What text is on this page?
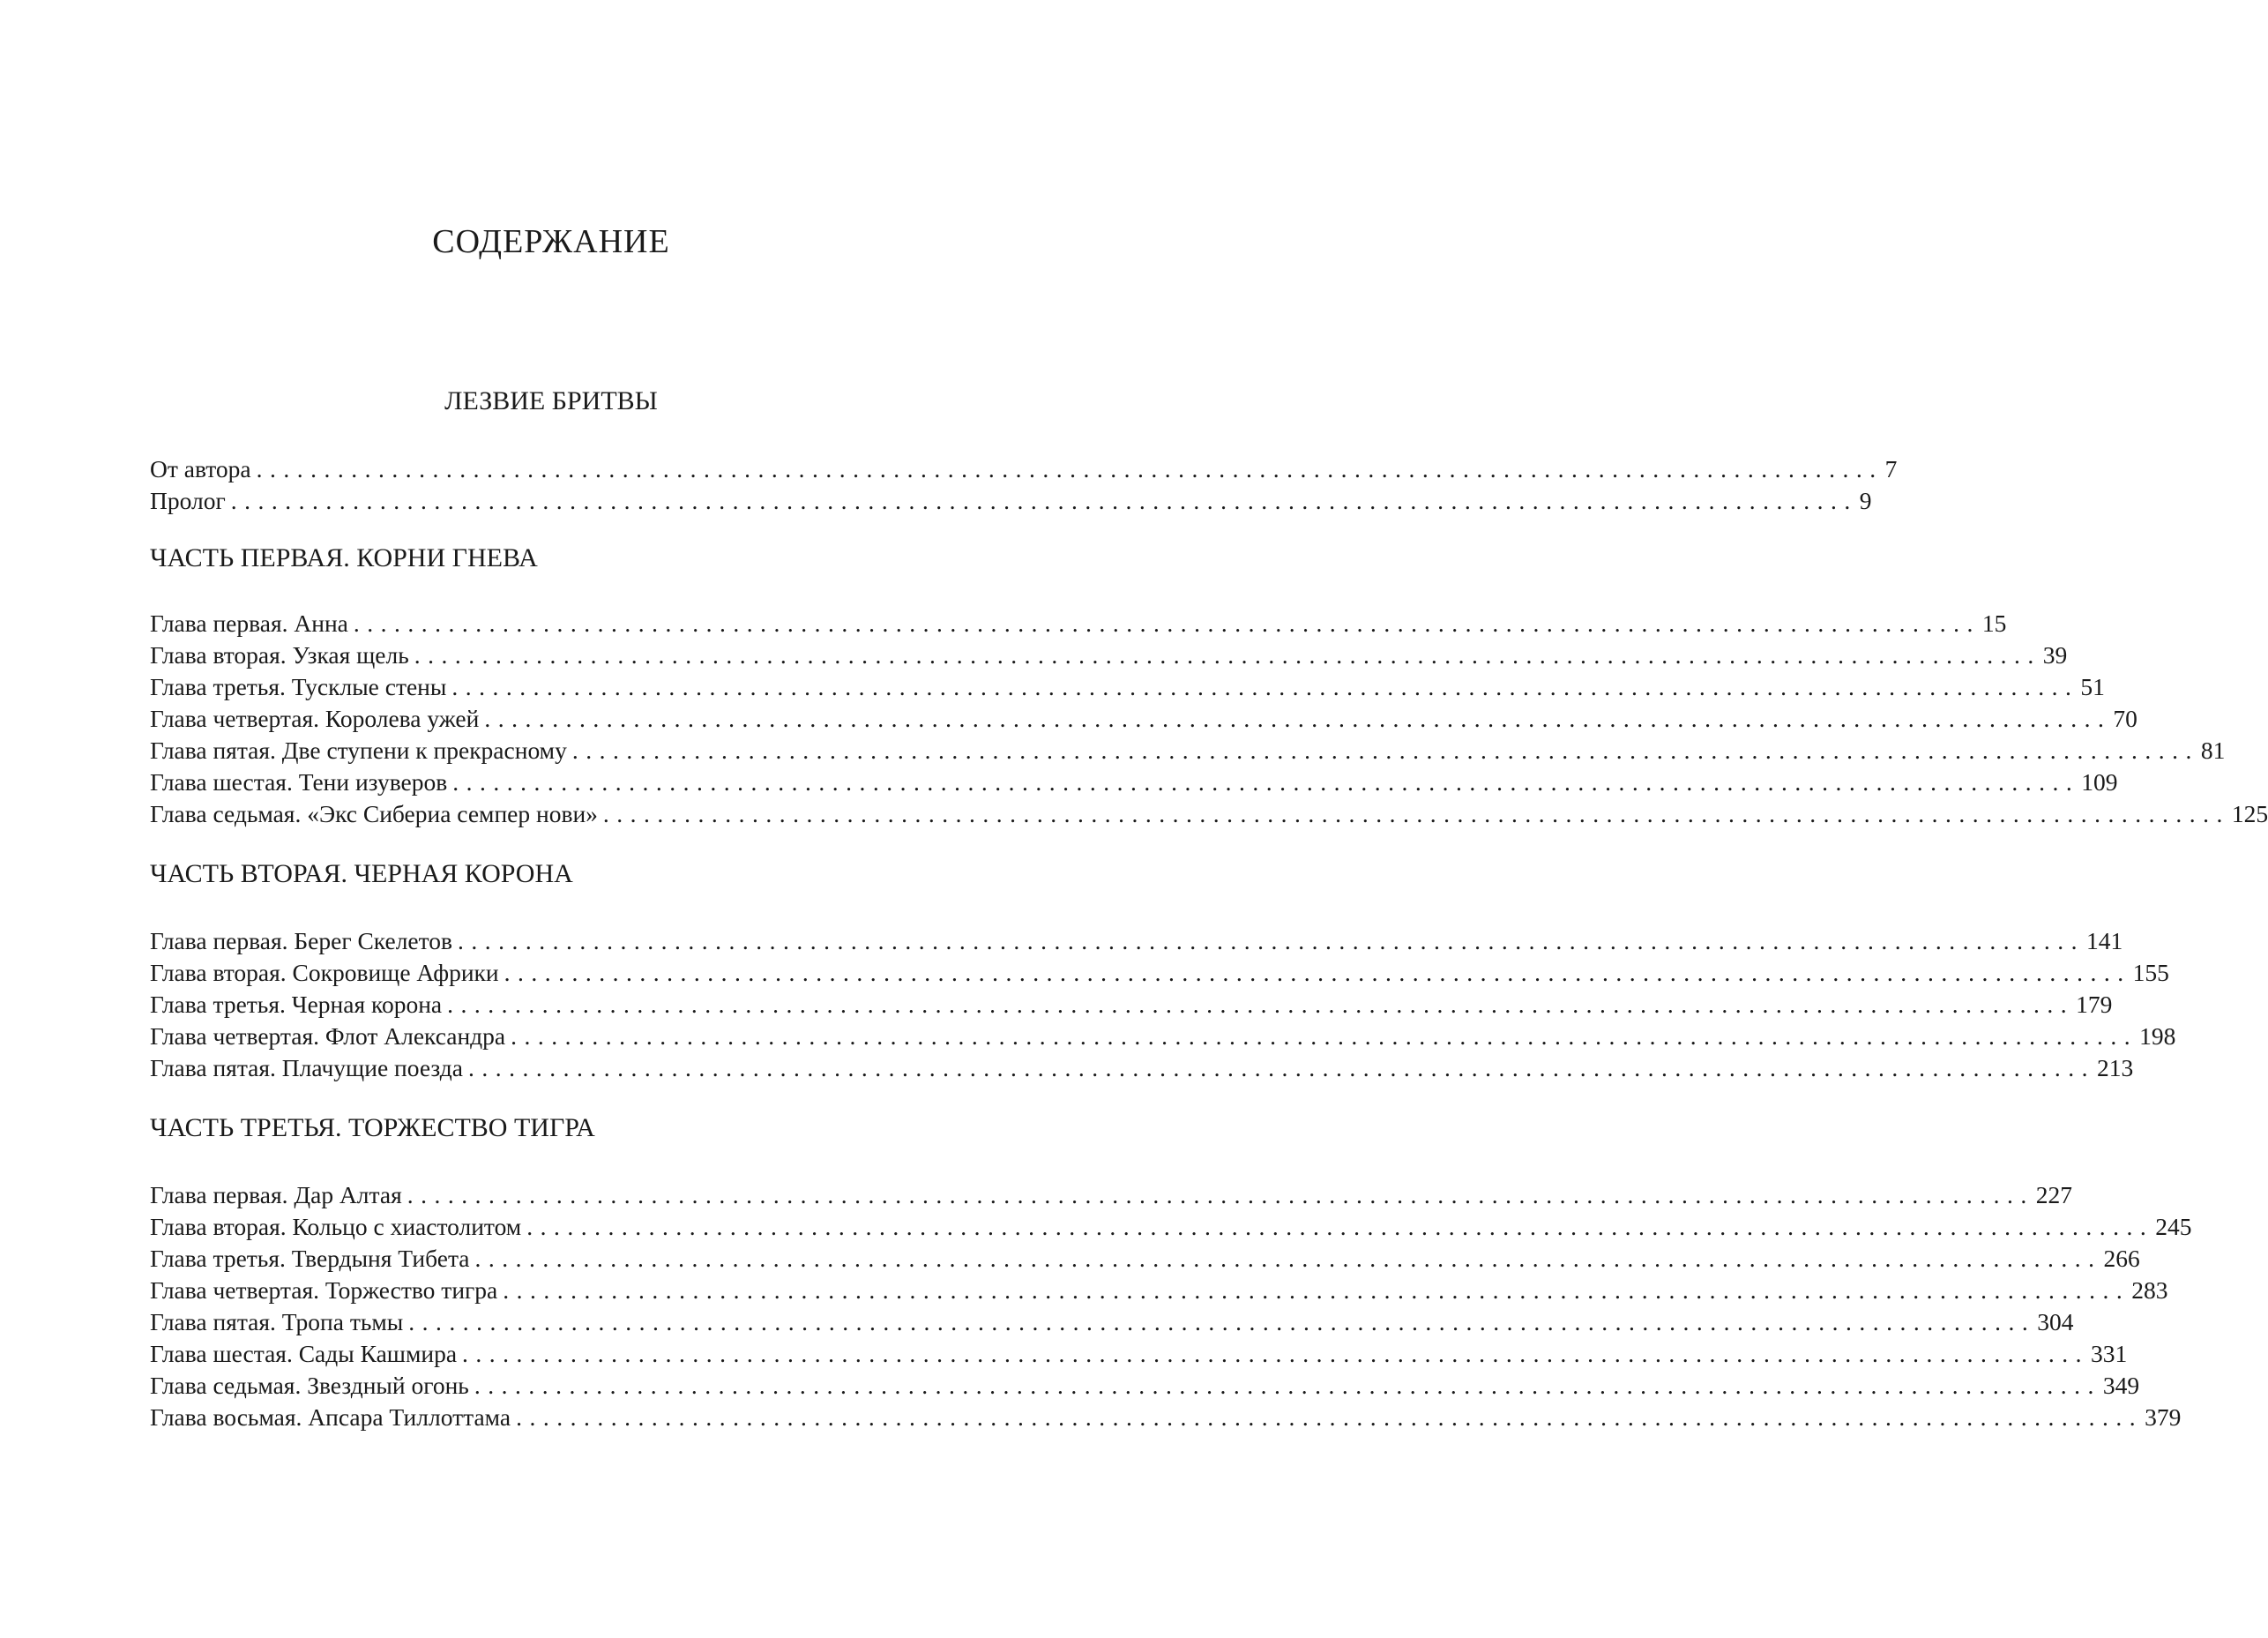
СОДЕРЖАНИЕ
ЛЕЗВИЕ БРИТВЫ
От автора ........................................................................................................................ 7
Пролог ........................................................................................................................ 9
ЧАСТЬ ПЕРВАЯ. КОРНИ ГНЕВА
Глава первая. Анна ........................................................................................................................ 15
Глава вторая. Узкая щель ........................................................................................................................ 39
Глава третья. Тусклые стены ........................................................................................................................ 51
Глава четвертая. Королева ужей ........................................................................................................................ 70
Глава пятая. Две ступени к прекрасному ........................................................................................................................ 81
Глава шестая. Тени изуверов ........................................................................................................................ 109
Глава седьмая. «Экс Сибериа семпер нови» ........................................................................................................................ 125
ЧАСТЬ ВТОРАЯ. ЧЕРНАЯ КОРОНА
Глава первая. Берег Скелетов ........................................................................................................................ 141
Глава вторая. Сокровище Африки ........................................................................................................................ 155
Глава третья. Черная корона ........................................................................................................................ 179
Глава четвертая. Флот Александра ........................................................................................................................ 198
Глава пятая. Плачущие поезда ........................................................................................................................ 213
ЧАСТЬ ТРЕТЬЯ. ТОРЖЕСТВО ТИГРА
Глава первая. Дар Алтая ........................................................................................................................ 227
Глава вторая. Кольцо с хиастолитом ........................................................................................................................ 245
Глава третья. Твердыня Тибета ........................................................................................................................ 266
Глава четвертая. Торжество тигра ........................................................................................................................ 283
Глава пятая. Тропа тьмы ........................................................................................................................ 304
Глава шестая. Сады Кашмира ........................................................................................................................ 331
Глава седьмая. Звездный огонь ........................................................................................................................ 349
Глава восьмая. Апсара Тиллоттама ........................................................................................................................ 379
